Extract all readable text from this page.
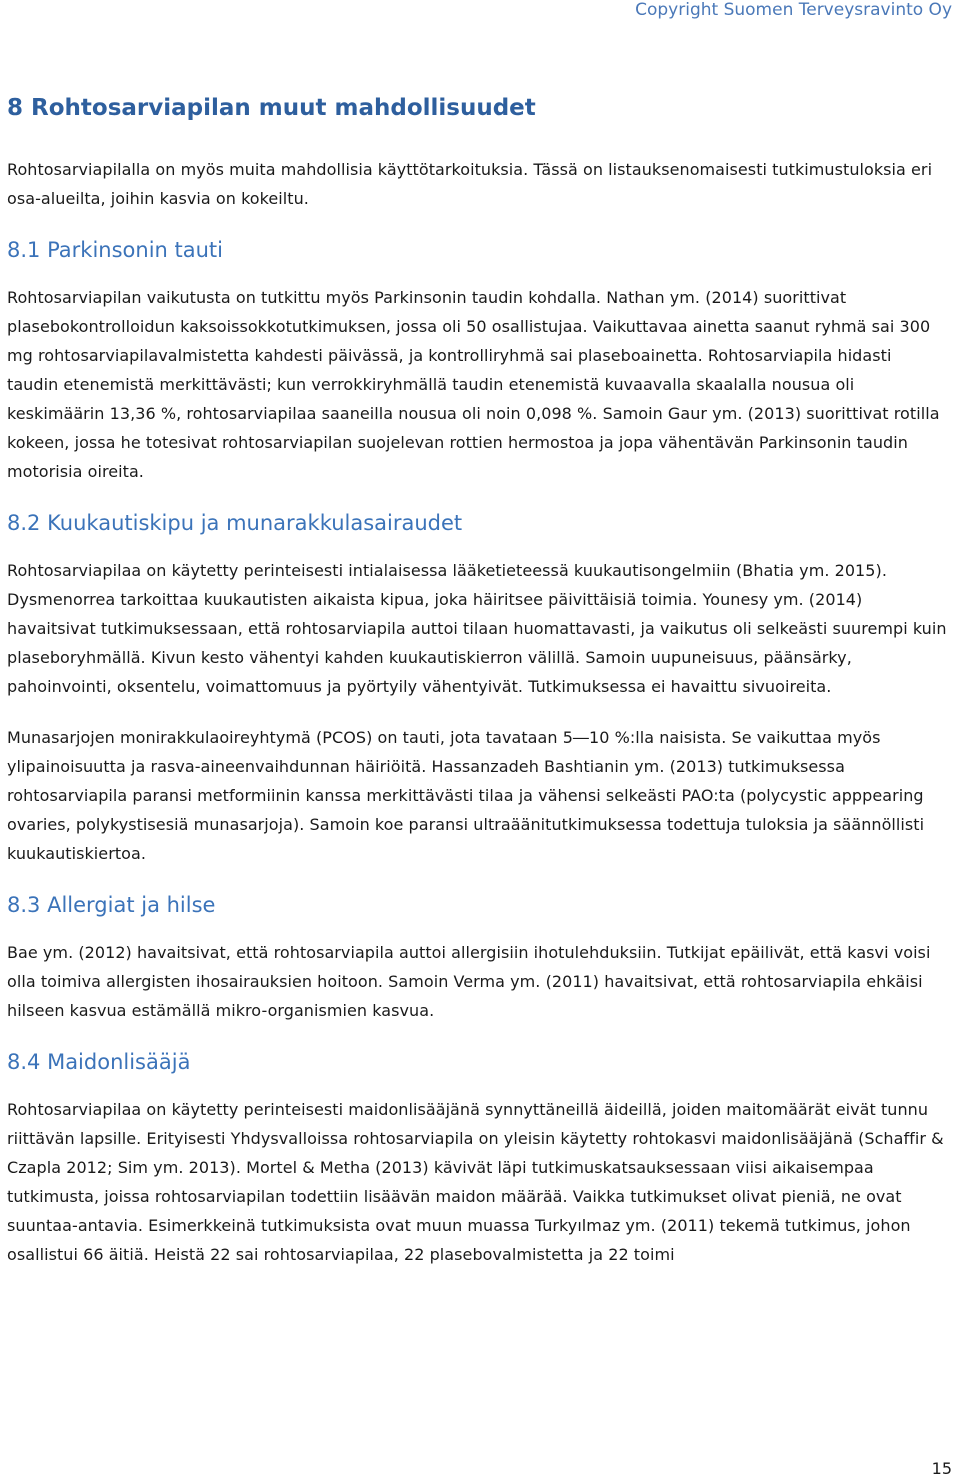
Copyright Suomen Terveysravinto Oy
8 Rohtosarviapilan muut mahdollisuudet

Rohtosarviapilalla on myös muita mahdollisia käyttötarkoituksia. Tässä on listauksenomaisesti tutkimustuloksia eri osa-alueilta, joihin kasvia on kokeiltu.

8.1 Parkinsonin tauti

Rohtosarviapilan vaikutusta on tutkittu myös Parkinsonin taudin kohdalla. Nathan ym. (2014) suorittivat plasebokontrolloidun kaksoissokkotutkimuksen, jossa oli 50 osallistujaa. Vaikuttavaa ainetta saanut ryhmä sai 300 mg rohtosarviapilavalmistetta kahdesti päivässä, ja kontrolliryhmä sai plaseboainetta. Rohtosarviapila hidasti taudin etenemistä merkittävästi; kun verrokkiryhmällä taudin etenemistä kuvaavalla skaalalla nousua oli keskimäärin 13,36 %, rohtosarviapilaa saaneilla nousua oli noin 0,098 %. Samoin Gaur ym. (2013) suorittivat rotilla kokeen, jossa he totesivat rohtosarviapilan suojelevan rottien hermostoa ja jopa vähentävän Parkinsonin taudin motorisia oireita.

8.2 Kuukautiskipu ja munarakkulasairaudet

Rohtosarviapilaa on käytetty perinteisesti intialaisessa lääketieteessä kuukautisongelmiin (Bhatia ym. 2015). Dysmenorrea tarkoittaa kuukautisten aikaista kipua, joka häiritsee päivittäisiä toimia. Younesy ym. (2014) havaitsivat tutkimuksessaan, että rohtosarviapila auttoi tilaan huomattavasti, ja vaikutus oli selkeästi suurempi kuin plaseboryhmällä. Kivun kesto vähentyi kahden kuukautiskierron välillä. Samoin uupuneisuus, päänsärky, pahoinvointi, oksentelu, voimattomuus ja pyörtyily vähentyivät. Tutkimuksessa ei havaittu sivuoireita.

Munasarjojen monirakkulaoireyhtymä (PCOS) on tauti, jota tavataan 5―10 %:lla naisista. Se vaikuttaa myös ylipainoisuutta ja rasva-aineenvaihdunnan häiriöitä. Hassanzadeh Bashtianin ym. (2013) tutkimuksessa rohtosarviapila paransi metformiinin kanssa merkittävästi tilaa ja vähensi selkeästi PAO:ta (polycystic apppearing ovaries, polykystisesiä munasarjoja). Samoin koe paransi ultraäänitutkimuksessa todettuja tuloksia ja säännöllisti kuukautiskiertoa.

8.3 Allergiat ja hilse

Bae ym. (2012) havaitsivat, että rohtosarviapila auttoi allergisiin ihotulehduksiin. Tutkijat epäilivät, että kasvi voisi olla toimiva allergisten ihosairauksien hoitoon. Samoin Verma ym. (2011) havaitsivat, että rohtosarviapila ehkäisi hilseen kasvua estämällä mikro-organismien kasvua.

8.4 Maidonlisääjä

Rohtosarviapilaa on käytetty perinteisesti maidonlisääjänä synnyttäneillä äideillä, joiden maitomäärät eivät tunnu riittävän lapsille. Erityisesti Yhdysvalloissa rohtosarviapila on yleisin käytetty rohtokasvi maidonlisääjänä (Schaffir & Czapla 2012; Sim ym. 2013). Mortel & Metha (2013) kävivät läpi tutkimuskatsauksessaan viisi aikaisempaa tutkimusta, joissa rohtosarviapilan todettiin lisäävän maidon määrää. Vaikka tutkimukset olivat pieniä, ne ovat suuntaa-antavia. Esimerkkeinä tutkimuksista ovat muun muassa Turkyılmaz ym. (2011) tekemä tutkimus, johon osallistui 66 äitiä. Heistä 22 sai rohtosarviapilaa, 22 plasebovalmistetta ja 22 toimi

15
